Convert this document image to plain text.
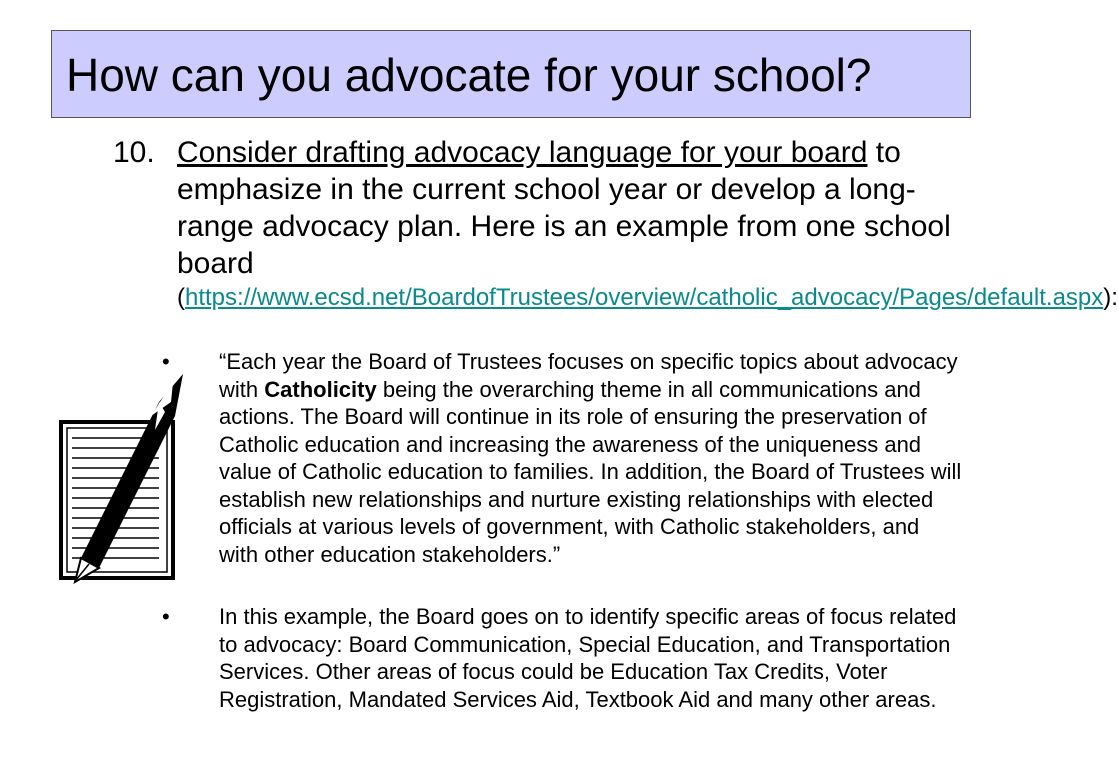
How can you advocate for your school?
10. Consider drafting advocacy language for your board to emphasize in the current school year or develop a long-range advocacy plan. Here is an example from one school board
(https://www.ecsd.net/BoardofTrustees/overview/catholic_advocacy/Pages/default.aspx):
• “Each year the Board of Trustees focuses on specific topics about advocacy with Catholicity being the overarching theme in all communications and actions. The Board will continue in its role of ensuring the preservation of Catholic education and increasing the awareness of the uniqueness and value of Catholic education to families. In addition, the Board of Trustees will establish new relationships and nurture existing relationships with elected officials at various levels of government, with Catholic stakeholders, and with other education stakeholders.”
• In this example, the Board goes on to identify specific areas of focus related to advocacy: Board Communication, Special Education, and Transportation Services. Other areas of focus could be Education Tax Credits, Voter Registration, Mandated Services Aid, Textbook Aid and many other areas.
